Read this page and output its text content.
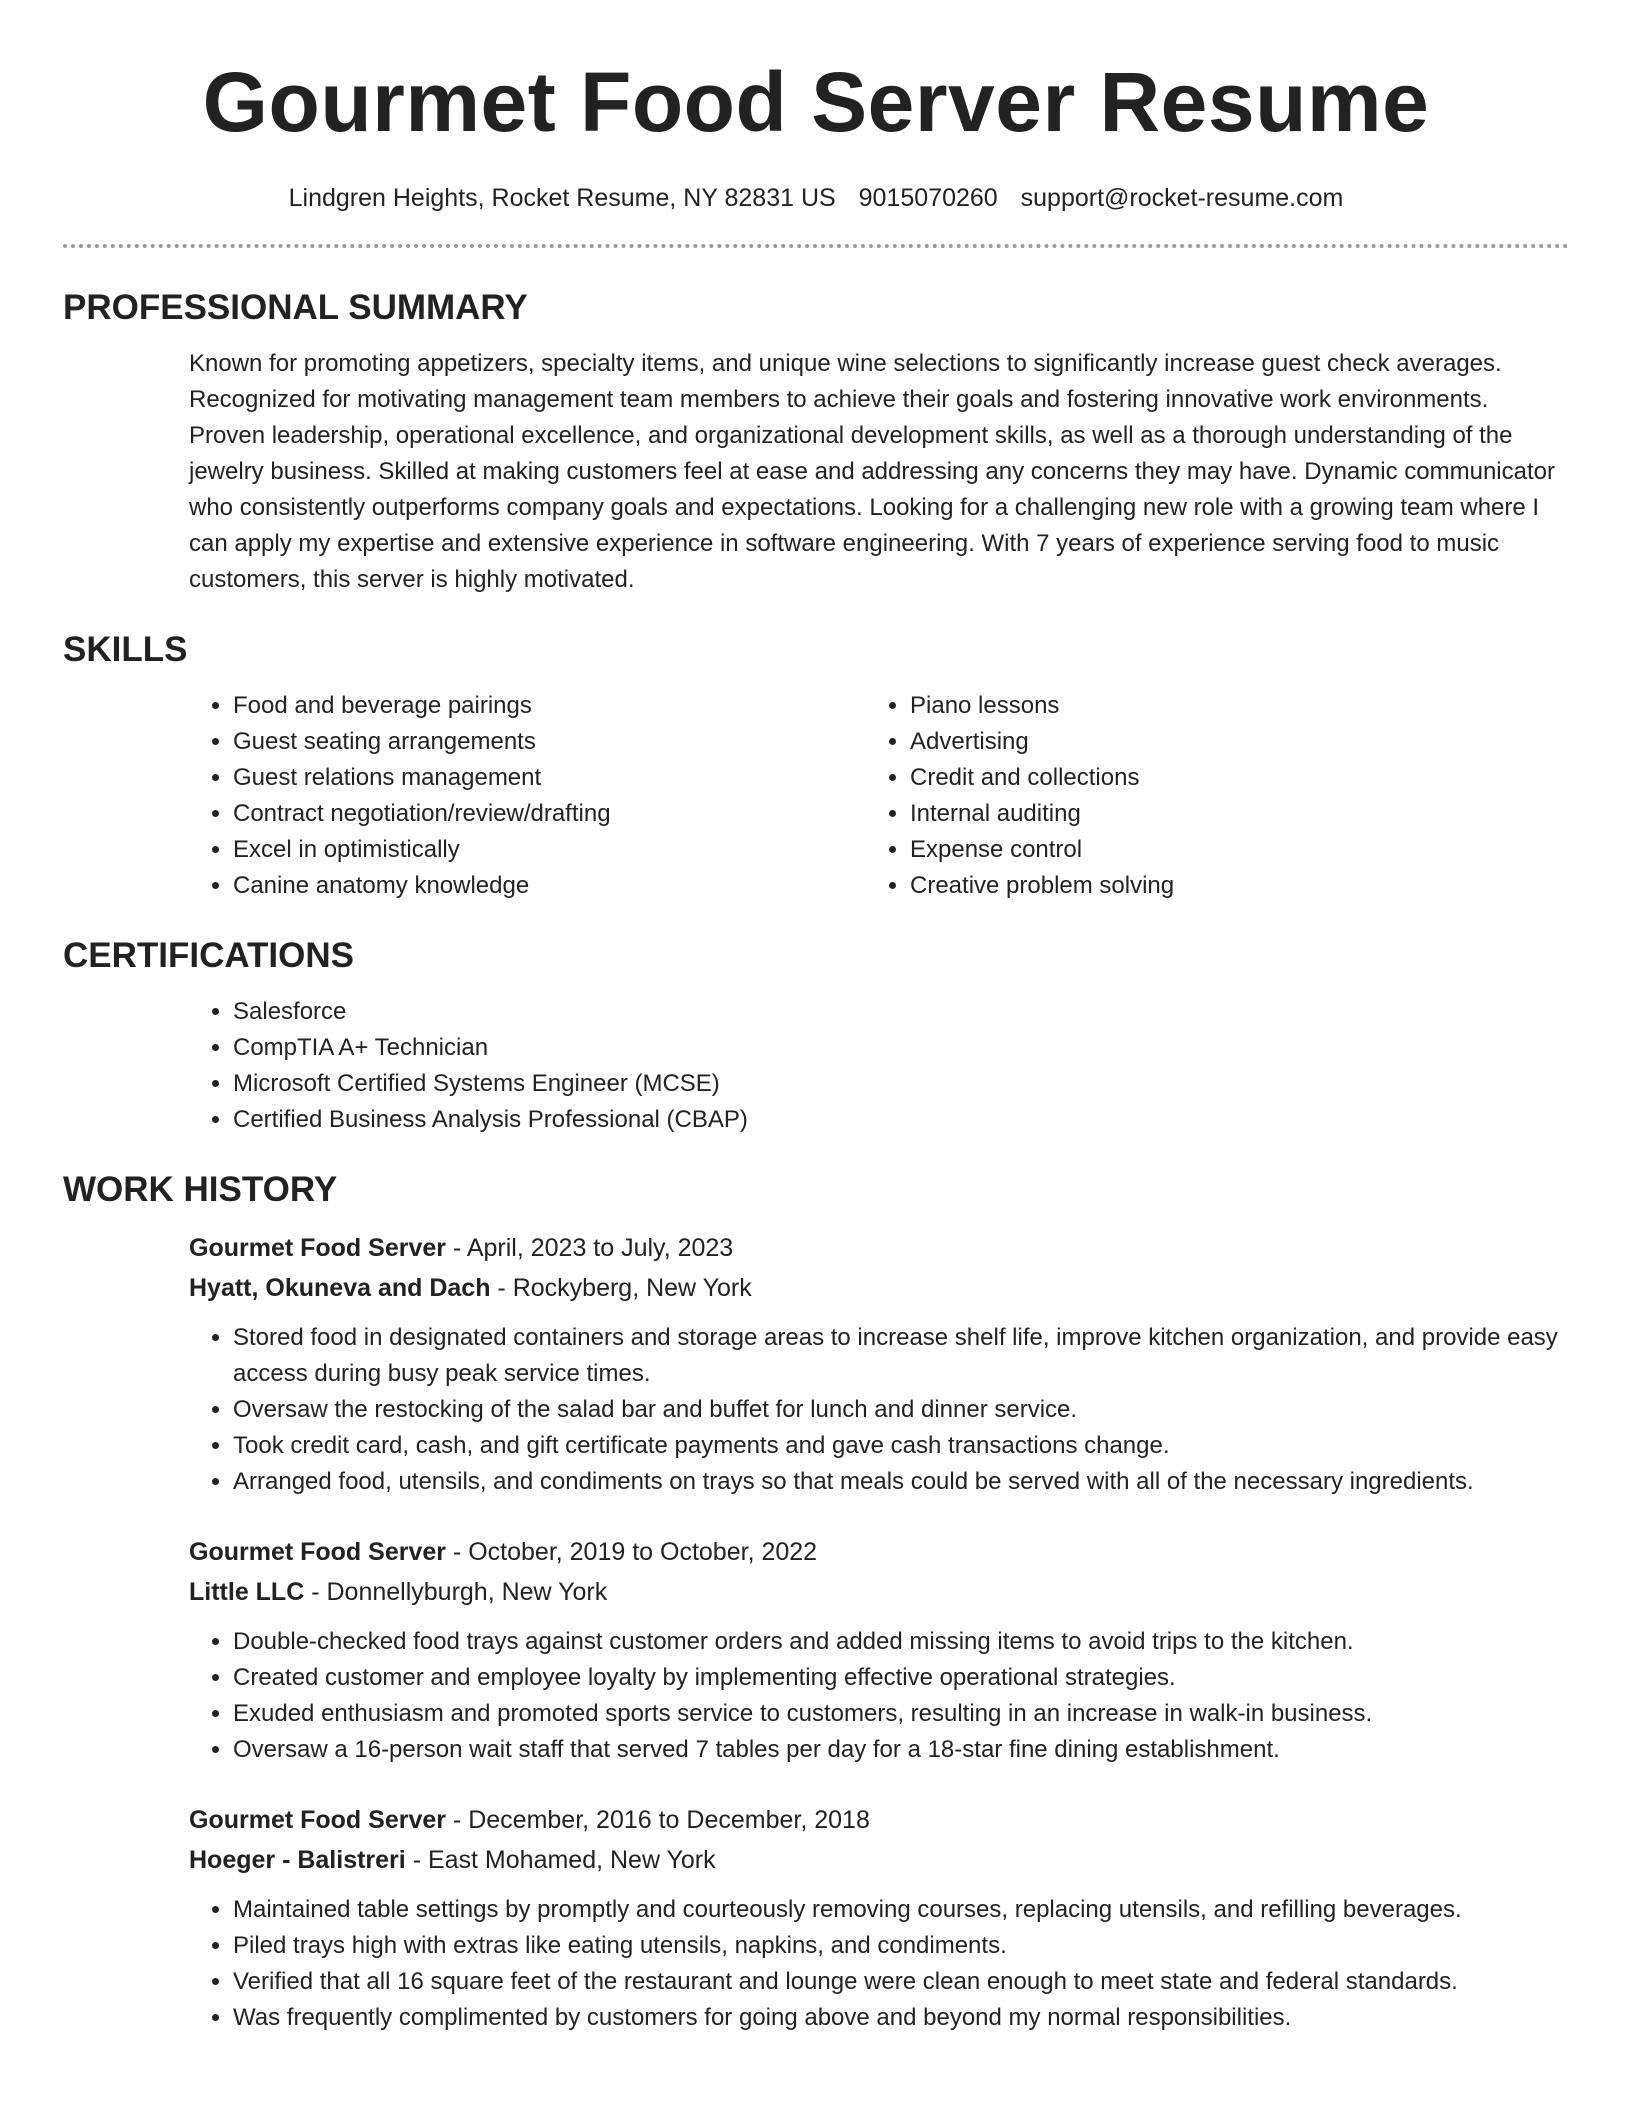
Gourmet Food Server Resume
Lindgren Heights, Rocket Resume, NY 82831 US 9015070260 support@rocket-resume.com
PROFESSIONAL SUMMARY

Known for promoting appetizers, specialty items, and unique wine selections to significantly increase guest check averages. Recognized for motivating management team members to achieve their goals and fostering innovative work environments. Proven leadership, operational excellence, and organizational development skills, as well as a thorough understanding of the jewelry business. Skilled at making customers feel at ease and addressing any concerns they may have. Dynamic communicator who consistently outperforms company goals and expectations. Looking for a challenging new role with a growing team where I can apply my expertise and extensive experience in software engineering. With 7 years of experience serving food to music customers, this server is highly motivated.

SKILLS
• Food and beverage pairings
• Guest seating arrangements
• Guest relations management
• Contract negotiation/review/drafting
• Excel in optimistically
• Canine anatomy knowledge
• Piano lessons
• Advertising
• Credit and collections
• Internal auditing
• Expense control
• Creative problem solving
CERTIFICATIONS
• Salesforce
• CompTIA A+ Technician
• Microsoft Certified Systems Engineer (MCSE)
• Certified Business Analysis Professional (CBAP)
WORK HISTORY
Gourmet Food Server - April, 2023 to July, 2023
Hyatt, Okuneva and Dach - Rockyberg, New York
• Stored food in designated containers and storage areas to increase shelf life, improve kitchen organization, and provide easy access during busy peak service times.
• Oversaw the restocking of the salad bar and buffet for lunch and dinner service.
• Took credit card, cash, and gift certificate payments and gave cash transactions change.
• Arranged food, utensils, and condiments on trays so that meals could be served with all of the necessary ingredients.
Gourmet Food Server - October, 2019 to October, 2022
Little LLC - Donnellyburgh, New York
• Double-checked food trays against customer orders and added missing items to avoid trips to the kitchen.
• Created customer and employee loyalty by implementing effective operational strategies.
• Exuded enthusiasm and promoted sports service to customers, resulting in an increase in walk-in business.
• Oversaw a 16-person wait staff that served 7 tables per day for a 18-star fine dining establishment.
Gourmet Food Server - December, 2016 to December, 2018
Hoeger - Balistreri - East Mohamed, New York
• Maintained table settings by promptly and courteously removing courses, replacing utensils, and refilling beverages.
• Piled trays high with extras like eating utensils, napkins, and condiments.
• Verified that all 16 square feet of the restaurant and lounge were clean enough to meet state and federal standards.
• Was frequently complimented by customers for going above and beyond my normal responsibilities.
